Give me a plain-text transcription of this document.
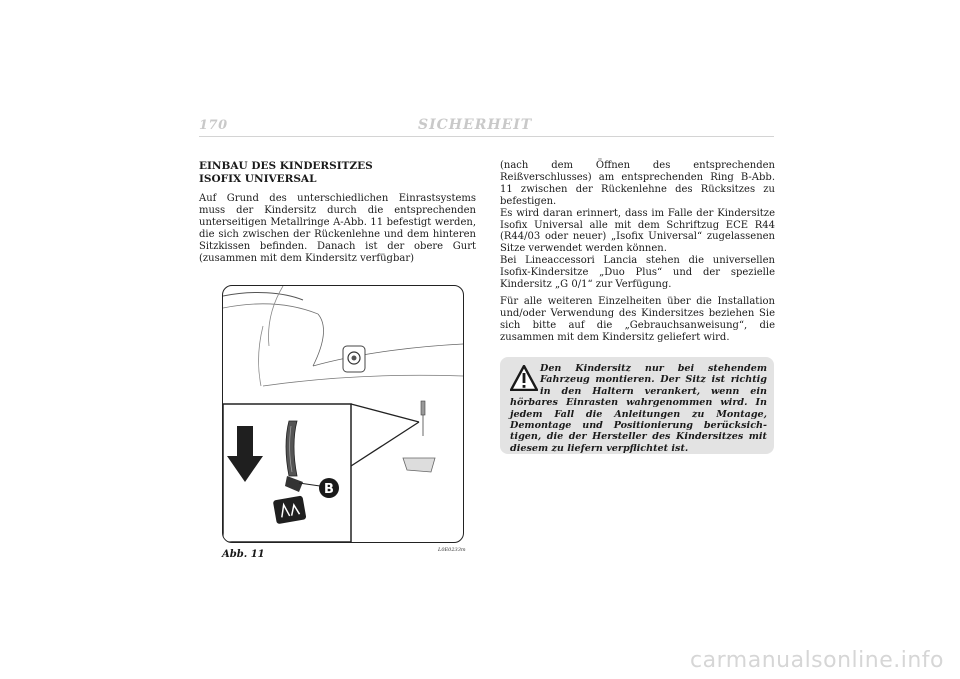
170	SICHERHEIT
EINBAU DES KINDERSITZES
ISOFIX UNIVERSAL

Auf Grund des unterschiedlichen Einrastsystems muss der Kindersitz durch die entsprechenden unterseitigen Metallringe A-Abb. 11 befestigt werden, die sich zwischen der Rückenlehne und dem hinteren Sitzkissen befinden. Danach ist der obere Gurt (zusammen mit dem Kindersitz verfügbar)

(nach dem Öffnen des entsprechenden Reißverschlusses) am entsprechenden Ring B-Abb. 11 zwischen der Rückenlehne des Rücksitzes zu befestigen.

Es wird daran erinnert, dass im Falle der Kindersitze Isofix Universal alle mit dem Schriftzug ECE R44 (R44/03 oder neuer) „Isofix Universal“ zugelassenen Sitze verwendet werden können.

Bei Lineaccessori Lancia stehen die universellen Isofix-Kindersitze „Duo Plus“ und der spezielle Kindersitz „G 0/1“ zur Verfügung.

Für alle weiteren Einzelheiten über die Installation und/oder Verwendung des Kindersitzes beziehen Sie sich bitte auf die „Gebrauchsanweisung“, die zusammen mit dem Kindersitz geliefert wird.

B
Abb. 11	L0E0233m

Den Kindersitz nur bei stehendem Fahrzeug montieren. Der Sitz ist richtig in den Haltern verankert, wenn ein hörbares Einrasten wahrgenommen wird. In jedem Fall die Anleitungen zu Montage, Demontage und Positionierung berücksichtigen, die der Hersteller des Kindersitzes mit diesem zu liefern verpflichtet ist.

carmanualsonline.info
